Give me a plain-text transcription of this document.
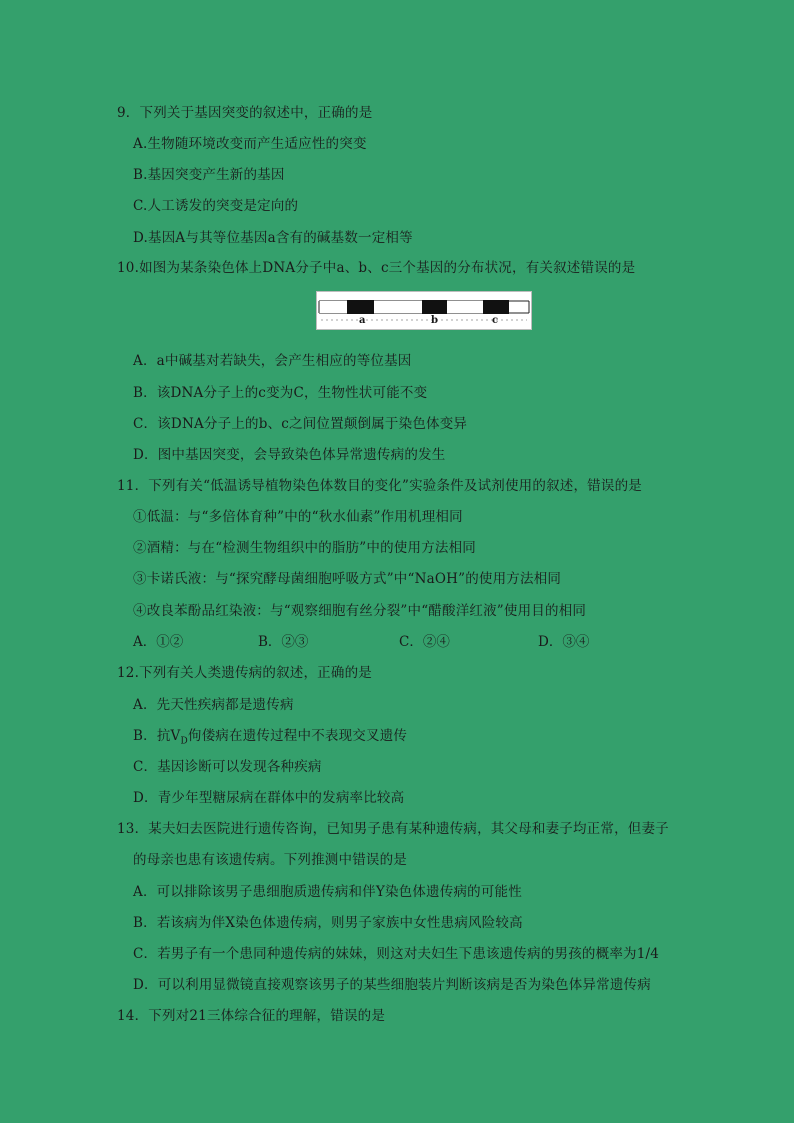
9．下列关于基因突变的叙述中，正确的是
A.生物随环境改变而产生适应性的突变
B.基因突变产生新的基因
C.人工诱发的突变是定向的
D.基因A与其等位基因a含有的碱基数一定相等
10.如图为某条染色体上DNA分子中a、b、c三个基因的分布状况，有关叙述错误的是
a	b	c
A．a中碱基对若缺失，会产生相应的等位基因
B．该DNA分子上的c变为C，生物性状可能不变
C．该DNA分子上的b、c之间位置颠倒属于染色体变异
D．图中基因突变，会导致染色体异常遗传病的发生
11．下列有关“低温诱导植物染色体数目的变化”实验条件及试剂使用的叙述，错误的是
①低温：与“多倍体育种”中的“秋水仙素”作用机理相同
②酒精：与在“检测生物组织中的脂肪”中的使用方法相同
③卡诺氏液：与“探究酵母菌细胞呼吸方式”中“NaOH”的使用方法相同
④改良苯酚品红染液：与“观察细胞有丝分裂”中“醋酸洋红液”使用目的相同
A．①②	B．②③	C．②④	D．③④
12.下列有关人类遗传病的叙述，正确的是
A．先天性疾病都是遗传病
B．抗$V_D$佝偻病在遗传过程中不表现交叉遗传
C．基因诊断可以发现各种疾病
D．青少年型糖尿病在群体中的发病率比较高
13．某夫妇去医院进行遗传咨询，已知男子患有某种遗传病，其父母和妻子均正常，但妻子
的母亲也患有该遗传病。下列推测中错误的是
A．可以排除该男子患细胞质遗传病和伴Y染色体遗传病的可能性
B．若该病为伴X染色体遗传病，则男子家族中女性患病风险较高
C．若男子有一个患同种遗传病的妹妹，则这对夫妇生下患该遗传病的男孩的概率为1/4
D．可以利用显微镜直接观察该男子的某些细胞装片判断该病是否为染色体异常遗传病
14．下列对21三体综合征的理解，错误的是
